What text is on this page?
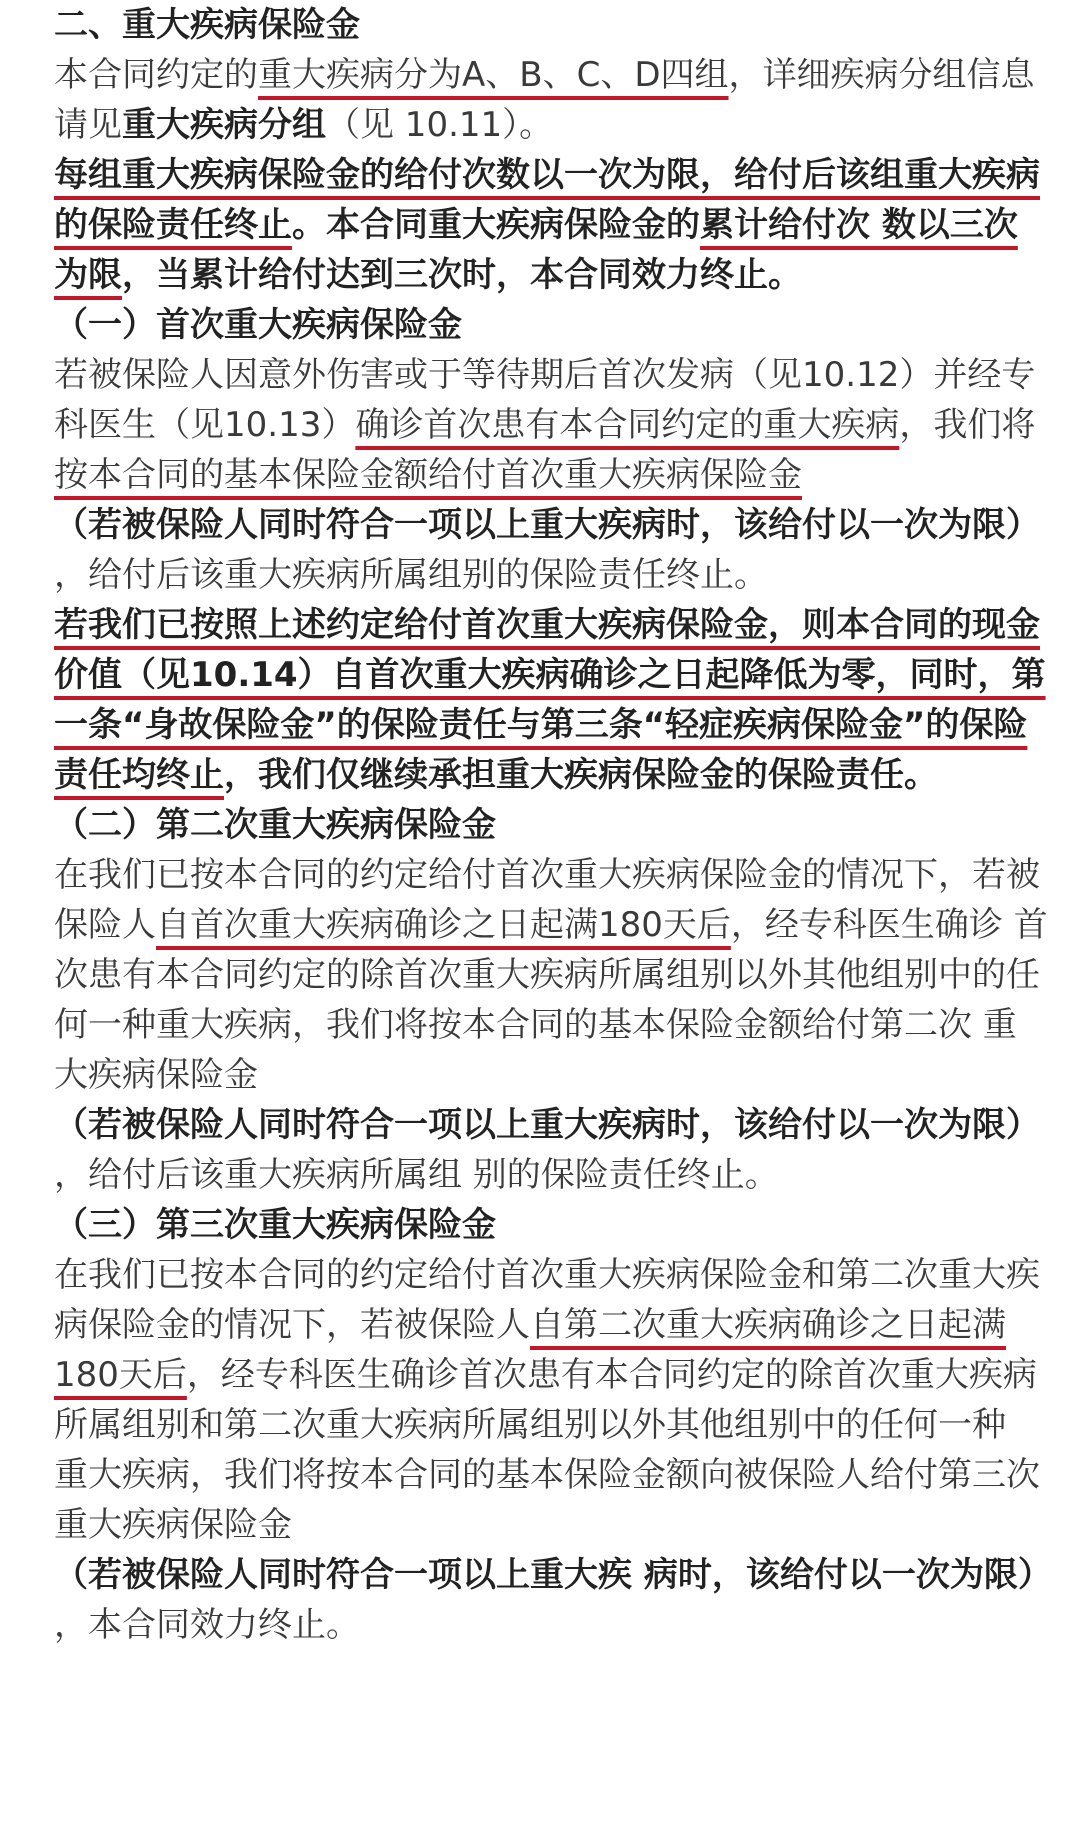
二、重大疾病保险金

本合同约定的重大疾病分为A、B、C、D四组，详细疾病分组信息请见重大疾病分组（见 10.11）。

每组重大疾病保险金的给付次数以一次为限，给付后该组重大疾病的保险责任终止。本合同重大疾病保险金的累计给付次 数以三次为限，当累计给付达到三次时，本合同效力终止。

（一）首次重大疾病保险金

若被保险人因意外伤害或于等待期后首次发病（见10.12）并经专科医生（见10.13）确诊首次患有本合同约定的重大疾病，我们将 按本合同的基本保险金额给付首次重大疾病保险金

（若被保险人同时符合一项以上重大疾病时，该给付以一次为限）

，给付后该重大疾病所属组别的保险责任终止。

若我们已按照上述约定给付首次重大疾病保险金，则本合同的现金价值（见10.14）自首次重大疾病确诊之日起降低为零，同时，第一条“身故保险金”的保险责任与第三条“轻症疾病保险金”的保险责任均终止，我们仅继续承担重大疾病保险金的保险责任。

（二）第二次重大疾病保险金

在我们已按本合同的约定给付首次重大疾病保险金的情况下，若被保险人自首次重大疾病确诊之日起满180天后，经专科医生确诊 首次患有本合同约定的除首次重大疾病所属组别以外其他组别中的任何一种重大疾病，我们将按本合同的基本保险金额给付第二次 重大疾病保险金

（若被保险人同时符合一项以上重大疾病时，该给付以一次为限）

，给付后该重大疾病所属组 别的保险责任终止。

（三）第三次重大疾病保险金

在我们已按本合同的约定给付首次重大疾病保险金和第二次重大疾病保险金的情况下，若被保险人自第二次重大疾病确诊之日起满 180天后，经专科医生确诊首次患有本合同约定的除首次重大疾病所属组别和第二次重大疾病所属组别以外其他组别中的任何一种 重大疾病，我们将按本合同的基本保险金额向被保险人给付第三次重大疾病保险金

（若被保险人同时符合一项以上重大疾 病时，该给付以一次为限）

，本合同效力终止。
